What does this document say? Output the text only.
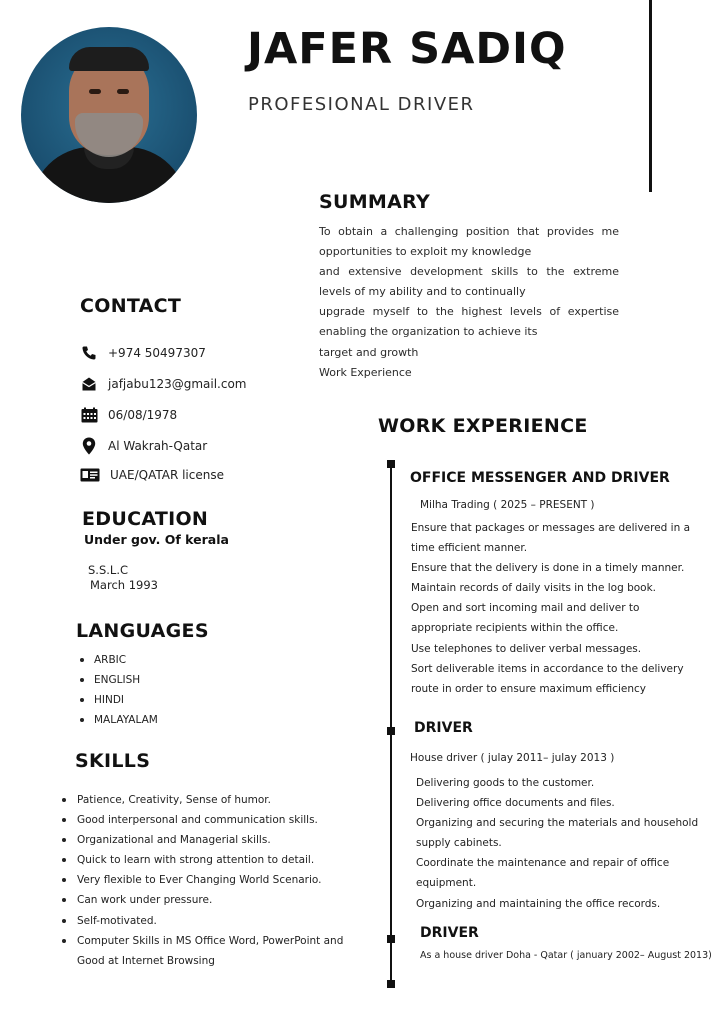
JAFER SADIQ
PROFESIONAL DRIVER
SUMMARY
To obtain a challenging position that provides me
opportunities to exploit my knowledge
and extensive development skills to the extreme
levels of my ability and to continually
upgrade myself to the highest levels of expertise
enabling the organization to achieve its
target and growth
Work Experience
CONTACT
+974 50497307
jafjabu123@gmail.com
06/08/1978
Al Wakrah-Qatar
UAE/QATAR license
EDUCATION
Under gov. Of kerala
S.S.L.C
March 1993
LANGUAGES
ARBIC
ENGLISH
HINDI
MALAYALAM
SKILLS
Patience, Creativity, Sense of humor.
Good interpersonal and communication skills.
Organizational and Managerial skills.
Quick to learn with strong attention to detail.
Very flexible to Ever Changing World Scenario.
Can work under pressure.
Self-motivated.
Computer Skills in MS Office Word, PowerPoint and Good at Internet Browsing
WORK EXPERIENCE
OFFICE MESSENGER AND DRIVER
Milha Trading ( 2025 – PRESENT )
Ensure that packages or messages are delivered in a
time efficient manner.
Ensure that the delivery is done in a timely manner.
Maintain records of daily visits in the log book.
Open and sort incoming mail and deliver to
appropriate recipients within the office.
Use telephones to deliver verbal messages.
Sort deliverable items in accordance to the delivery
route in order to ensure maximum efficiency
DRIVER
House driver ( julay 2011– julay 2013 )
Delivering goods to the customer.
Delivering office documents and files.
Organizing and securing the materials and household
supply cabinets.
Coordinate the maintenance and repair of office
equipment.
Organizing and maintaining the office records.
DRIVER
As a house driver Doha - Qatar ( january 2002– August 2013)
